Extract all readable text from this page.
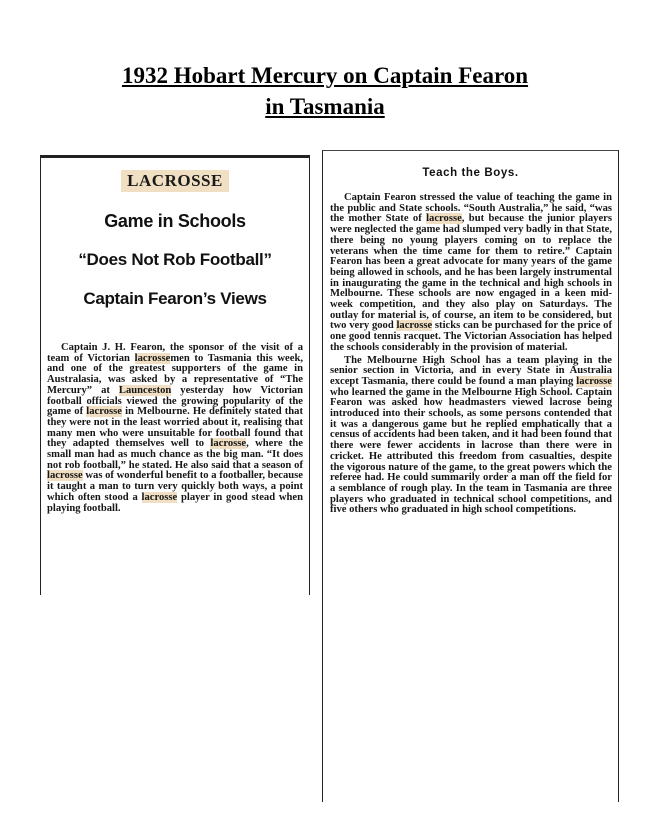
1932 Hobart Mercury on Captain Fearon
in Tasmania
LACROSSE
Game in Schools
“Does Not Rob Football”
Captain Fearon’s Views

Captain J. H. Fearon, the sponsor of the visit of a team of Victorian lacrossemen to Tasmania this week, and one of the greatest supporters of the game in Australasia, was asked by a representative of “The Mercury” at Launceston yesterday how Victorian football officials viewed the growing popularity of the game of lacrosse in Melbourne. He definitely stated that they were not in the least worried about it, realising that many men who were unsuitable for football found that they adapted themselves well to lacrosse, where the small man had as much chance as the big man. “It does not rob football,” he stated. He also said that a season of lacrosse was of wonderful benefit to a footballer, because it taught a man to turn very quickly both ways, a point which often stood a lacrosse player in good stead when playing football.

Teach the Boys.

Captain Fearon stressed the value of teaching the game in the public and State schools. “South Australia,” he said, “was the mother State of lacrosse, but because the junior players were neglected the game had slumped very badly in that State, there being no young players coming on to replace the veterans when the time came for them to retire.” Captain Fearon has been a great advocate for many years of the game being allowed in schools, and he has been largely instrumental in inaugurating the game in the technical and high schools in Melbourne. These schools are now engaged in a keen mid-week competition, and they also play on Saturdays. The outlay for material is, of course, an item to be considered, but two very good lacrosse sticks can be purchased for the price of one good tennis racquet. The Victorian Association has helped the schools considerably in the provision of material.

The Melbourne High School has a team playing in the senior section in Victoria, and in every State in Australia except Tasmania, there could be found a man playing lacrosse who learned the game in the Melbourne High School. Captain Fearon was asked how headmasters viewed lacrose being introduced into their schools, as some persons contended that it was a dangerous game but he replied emphatically that a census of accidents had been taken, and it had been found that there were fewer accidents in lacrose than there were in cricket. He attributed this freedom from casualties, despite the vigorous nature of the game, to the great powers which the referee had. He could summarily order a man off the field for a semblance of rough play. In the team in Tasmania are three players who graduated in technical school competitions, and five others who graduated in high school competitions.
